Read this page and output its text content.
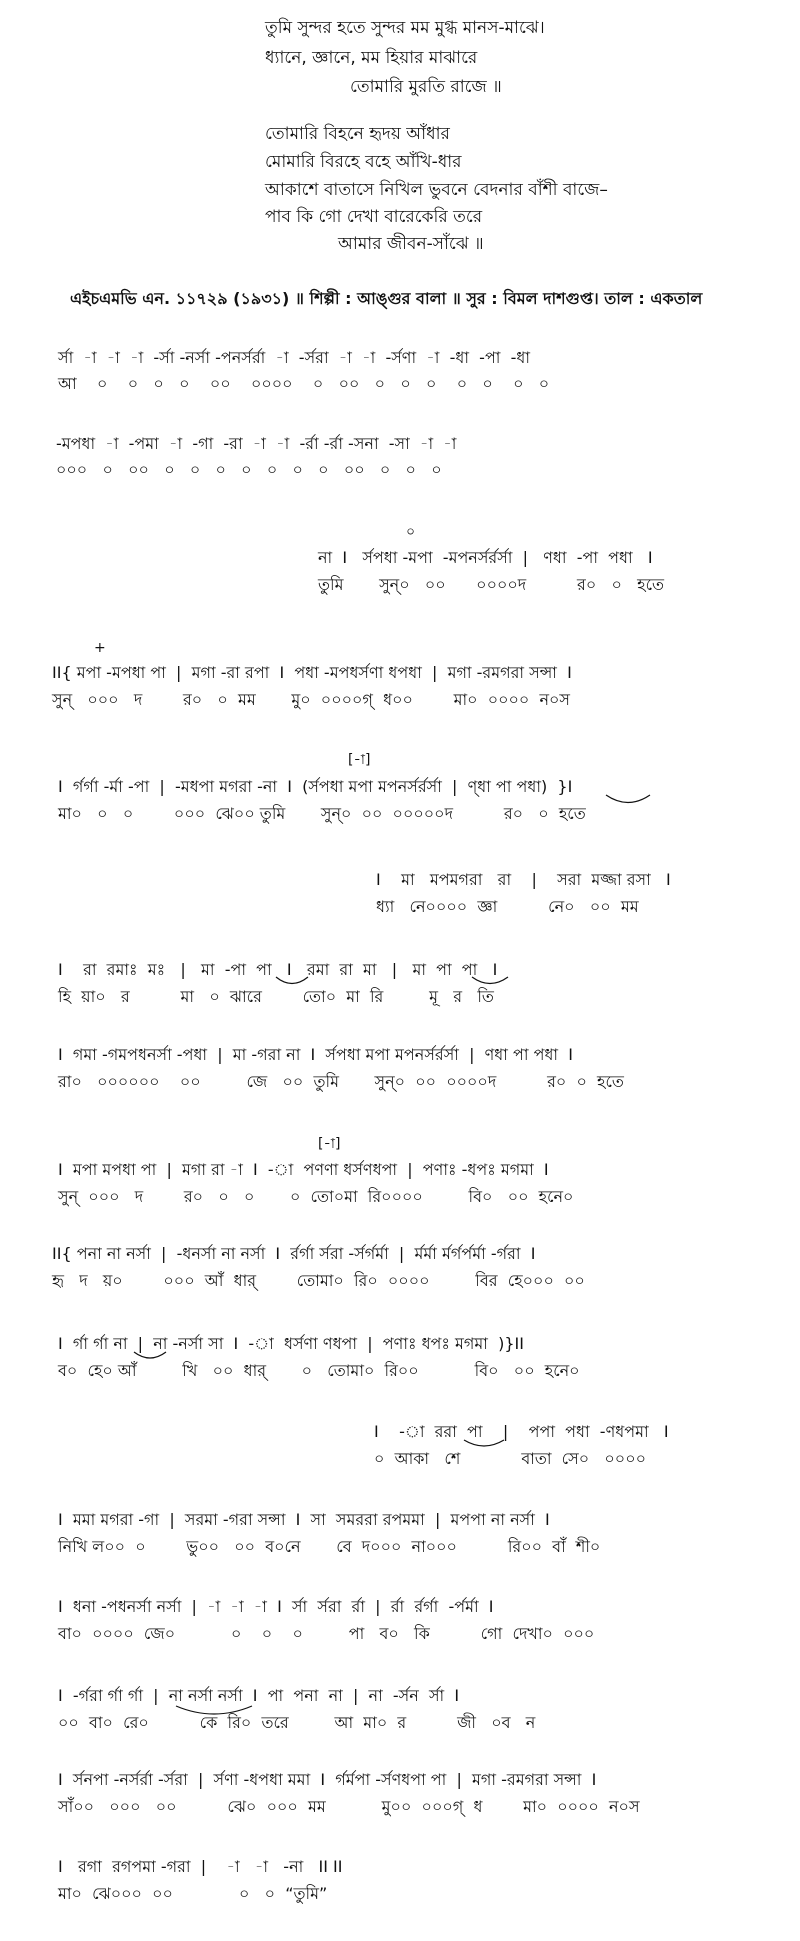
তুমি সুন্দর হতে সুন্দর মম মুগ্ধ মানস-মাঝে।

ধ্যানে, জ্ঞানে, মম হিয়ার মাঝারে

তোমারি মুরতি রাজে ॥

তোমারি বিহনে হৃদয় আঁধার

মোমারি বিরহে বহে আঁখি-ধার

আকাশে বাতাসে নিখিল ভুবনে বেদনার বাঁশী বাজে–

পাব কি গো দেখা বারেকেরি তরে

আমার জীবন-সাঁঝে ॥

এইচএমভি এন. ১১৭২৯ (১৯৩১) ॥ শিল্পী : আঙ্গুর বালা ॥ সুর : বিমল দাশগুপ্ত। তাল : একতাল

র্সা  -া  -া  -া  -র্সা -নর্সা -পনর্সর্রা  -া  -র্সরা  -া  -া  -র্সণা  -া  -ধা  -পা  -ধা

আ    ০    ০   ০   ০    ০০    ০০০০    ০   ০০   ০   ০   ০    ০   ০    ০   ০

-মপধা  -া  -পমা  -া  -গা  -রা  -া  -া  -র্রা -র্রা -সনা  -সা  -া  -া

০০০   ০   ০০   ০   ০   ০   ০   ০   ০   ০   ০০   ০   ০   ০

০

না  I   র্সপধা -মপা  -মপনর্সর্রর্সা  |   ণধা  -পা  পধা   I

তুমি       সুন্০   ০০      ০০০০দ          র০   ০   হতে

+

II{ মপা -মপধা পা  |  মগা -রা রপা  I  পধা -মপধর্সণা ধপধা  |  মগা -রমগরা সন্সা  I

সুন্   ০০০   দ        র০   ০  মম       মু০  ০০০০গ্  ধ০০        মা০  ০০০০  ন০স

[-া]

I  র্গর্গা -র্মা -পা  |  -মধপা মগরা -না  I  (র্সপধা মপা মপনর্সর্রর্সা  |  ণ্ধা পা পধা)  }I

মা০   ০   ০        ০০০  ঝে০০ তুমি       সুন্০  ০০  ০০০০০দ          র০   ০  হতে

I    মা   মপমগরা   রা    |    সরা  মজ্জা রসা   I

ধ্যা   নে০০০০  জ্ঞা          নে০   ০০  মম

I    রা  রমাঃ  মঃ   |   মা  -পা  পা   I   রমা  রা  মা   |   মা  পা  পা   I

হি  য়া০   র          মা   ০  ঝারে        তো০  মা  রি         মূ   র   তি

I  গমা -গমপধনর্সা -পধা  |  মা -গরা না  I  র্সপধা মপা মপনর্সর্রর্সা  |  ণধা পা পধা  I

রা০   ০০০০০০    ০০         জে   ০০  তুমি       সুন্০  ০০  ০০০০দ          র০  ০  হতে

[-া]

I  মপা মপধা পা  |  মগা রা -া  I  -া  পণণা ধর্সণধপা  |  পণাঃ -ধপঃ মগমা  I

সুন্  ০০০   দ        র০   ০   ০       ০  তো০মা  রি০০০০         বি০   ০০  হনে০

II{ পনা না নর্সা  |  -ধনর্সা না নর্সা  I  র্রর্গা র্সরা -র্সর্গর্মা  |  র্মর্মা র্মর্গর্পর্মা -র্গরা  I

হৃ   দ   য়০        ০০০  আঁ  ধার্        তোমা০  রি০  ০০০০         বির  হে০০০  ০০

I  র্গা র্গা না  |  না -নর্সা সা  I  -া  ধর্সণা ণধপা  |  পণাঃ ধপঃ মগমা  )}II

ব০  হে০ আঁ         খি   ০০  ধার্       ০   তোমা০  রি০০           বি০   ০০  হনে০

I    -া  ররা  পা    |    পপা  পধা  -ণধপমা   I

০  আকা   শে            বাতা  সে০   ০০০০

I  মমা মগরা -গা  |  সরমা -গরা সন্সা  I  সা  সমররা রপমমা  |  মপপা না নর্সা  I

নিখি ল০০  ০        ভু০০   ০০  ব০নে       বে  দ০০০  না০০০          রি০০  বাঁ  শী০

I  ধনা -পধনর্সা নর্সা  |  -া  -া  -া  I  র্সা  র্সরা  র্রা  |  র্রা  র্রর্গা  -র্পর্মা  I

বা০  ০০০০  জে০           ০    ০    ০         পা   ব০   কি          গো  দেখা০  ০০০

I  -র্গরা র্গা র্গা  |  না নর্সা নর্সা  I  পা  পনা  না  |  না  -র্সন  র্সা  I

০০  বা০  রে০          কে  রি০  তরে         আ  মা০  র          জী   ০ব   ন

I  র্সনপা -নর্সর্রা -র্সরা  |  র্সণা -ধপধা মমা  I  র্গর্মপা -র্সণধপা পা  |  মগা -রমগরা সন্সা  I

সাঁ০০   ০০০   ০০          ঝে০  ০০০  মম           মু০০  ০০০গ্  ধ        মা০  ০০০০  ন০স

I   রগা  রগপমা -গরা  |    -া   -া   -না   II II

মা০  ঝে০০০  ০০             ০   ০  “তুমি”
